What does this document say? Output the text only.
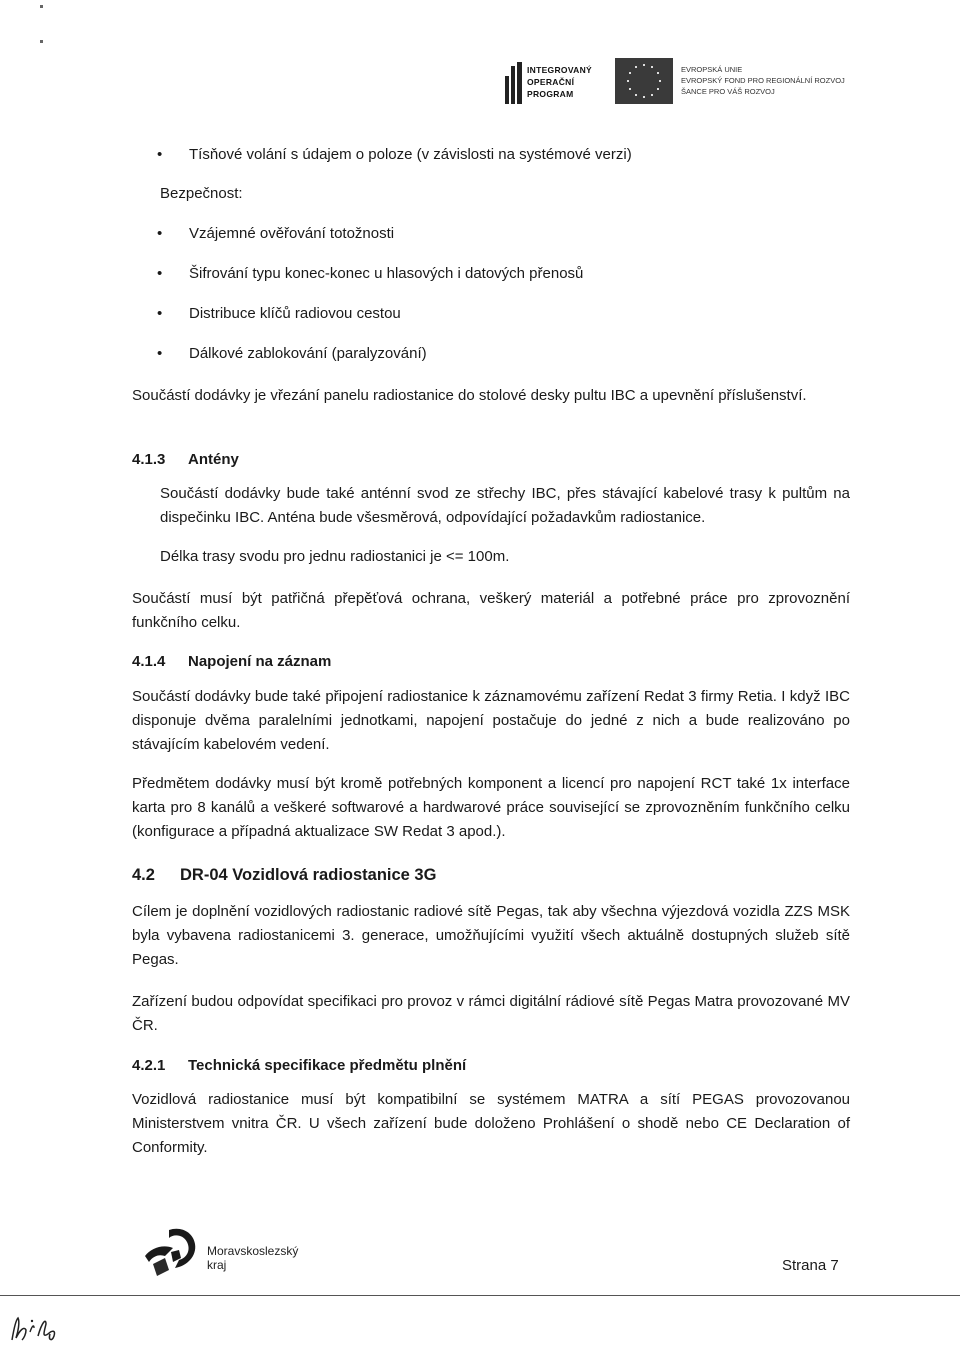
INTEGROVANÝ
OPERAČNÍ
PROGRAM
EVROPSKÁ UNIE
EVROPSKÝ FOND PRO REGIONÁLNÍ ROZVOJ
ŠANCE PRO VÁŠ ROZVOJ
• Tísňové volání s údajem o poloze (v závislosti na systémové verzi)
Bezpečnost:
• Vzájemné ověřování totožnosti
• Šifrování typu konec-konec u hlasových i datových přenosů
• Distribuce klíčů radiovou cestou
• Dálkové zablokování (paralyzování)
Součástí dodávky je vřezání panelu radiostanice do stolové desky pultu IBC a upevnění příslušenství.
4.1.3 Antény
Součástí dodávky bude také anténní svod ze střechy IBC, přes stávající kabelové trasy k pultům na dispečinku IBC. Anténa bude všesměrová, odpovídající požadavkům radiostanice.
Délka trasy svodu pro jednu radiostanici je <= 100m.
Součástí musí být patřičná přepěťová ochrana, veškerý materiál a potřebné práce pro zprovoznění funkčního celku.
4.1.4 Napojení na záznam
Součástí dodávky bude také připojení radiostanice k záznamovému zařízení Redat 3 firmy Retia. I když IBC disponuje dvěma paralelními jednotkami, napojení postačuje do jedné z nich a bude realizováno po stávajícím kabelovém vedení.
Předmětem dodávky musí být kromě potřebných komponent a licencí pro napojení RCT také 1x interface karta pro 8 kanálů a veškeré softwarové a hardwarové práce související se zprovozněním funkčního celku (konfigurace a případná aktualizace SW Redat 3 apod.).
4.2 DR-04 Vozidlová radiostanice 3G
Cílem je doplnění vozidlových radiostanic radiové sítě Pegas, tak aby všechna výjezdová vozidla ZZS MSK byla vybavena radiostanicemi 3. generace, umožňujícími využití všech aktuálně dostupných služeb sítě Pegas.
Zařízení budou odpovídat specifikaci pro provoz v rámci digitální rádiové sítě Pegas Matra provozované MV ČR.
4.2.1 Technická specifikace předmětu plnění
Vozidlová radiostanice musí být kompatibilní se systémem MATRA a sítí PEGAS provozovanou Ministerstvem vnitra ČR. U všech zařízení bude doloženo Prohlášení o shodě nebo CE Declaration of Conformity.
Moravskoslezský
kraj	Strana 7
